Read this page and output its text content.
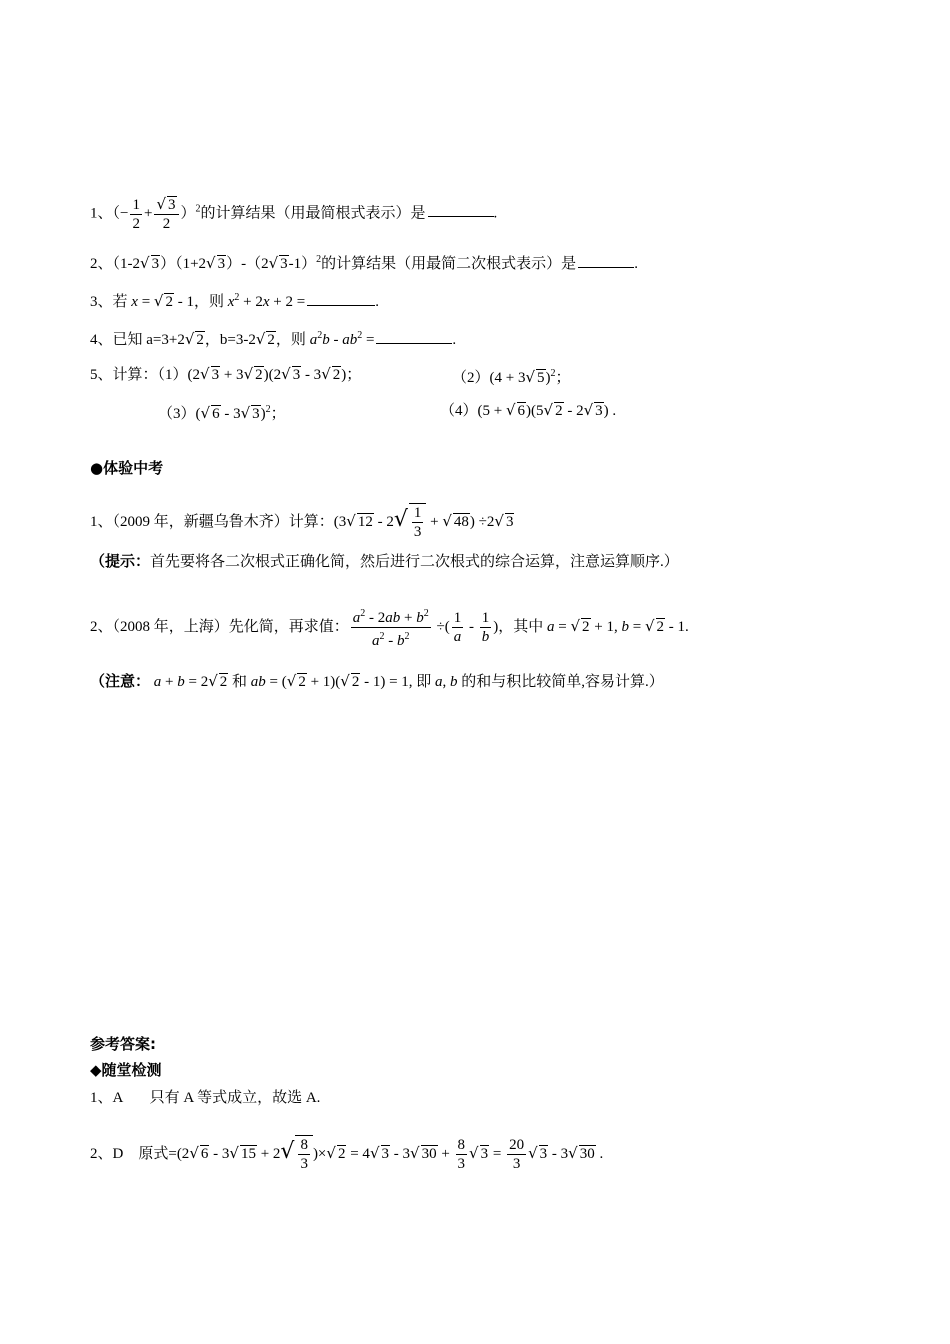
1、（− $\frac{1}{2} + \frac{√ 3}{2} )^2$的计算结果（用最简根式表示）是	.
2、（1-2√ 3）（1+2√ 3）-（2√ 3-1）$^2$的计算结果（用最简二次根式表示）是	.
3、若 x = √ 2 - 1，则 $x^2 + 2x + 2$ =	.
4、已知 a=3+2√ 2，b=3-2√ 2，则 $a^2b - ab^2$ =	.
5、计算：（1）(2√ 3 + 3√ 2)(2√ 3 - 3√ 2)；	（2）(4 + 3√ 5)$^2$；
（3）(√ 6 - 3√ 3)$^2$；	（4）(5 + √ 6)(5√ 2 - 2√ 3) .
●体验中考
1、（2009 年，新疆乌鲁木齐）计算：(3√ $12 - 2√ \frac{1}{3}$ + √ 48) ÷2√ 3
（提示：首先要将各二次根式正确化简，然后进行二次根式的综合运算，注意运算顺序.）
2、（2008 年，上海）先化简，再求值： $\frac{a^2 - 2ab + b^2}{a^2 - b^2}$ ÷( $\frac{1}{a} - \frac{1}{b}$ )，其中 a = √ 2 + 1, b = √ 2 - 1.
（注意： a + b = 2√ 2 和 ab = (√ 2 + 1)(√ 2 - 1) = 1, 即 a, b 的和与积比较简单,容易计算.）
参考答案:
◆随堂检测
1、A 只有 A 等式成立，故选 A.
2、D 原式=(2√ 6 - 3√ $15 + 2√ \frac{8}{3}$ )×√ 2 = 4√ 3 - 3√ $30 + \frac{8}{3}$ √ $3 = \frac{20}{3}$ √ 3 - 3√ 30 .
